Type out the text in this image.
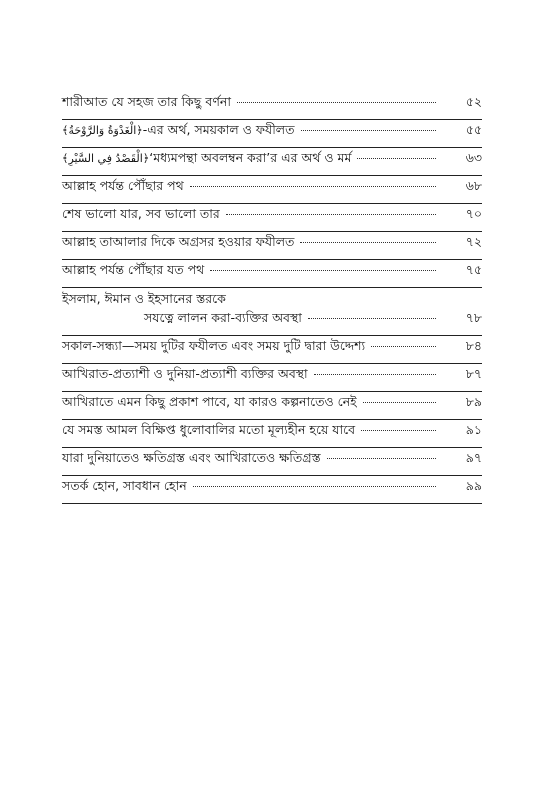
শারীআত যে সহজ তার কিছু বর্ণনা	৫২
﴿الْغَدْوَةُ وَالرَّوْحَةُ﴾ -এর অর্থ, সময়কাল ও ফযীলত	৫৫
﴿الْقَصْدُ فِي السَّيْرِ﴾ ‘মধ্যমপন্থা অবলম্বন করা’র এর অর্থ ও মর্ম	৬৩
আল্লাহ পর্যন্ত পৌঁছার পথ	৬৮
শেষ ভালো যার, সব ভালো তার	৭০
আল্লাহ তাআলার দিকে অগ্রসর হওয়ার ফযীলত	৭২
আল্লাহ পর্যন্ত পৌঁছার যত পথ	৭৫
ইসলাম, ঈমান ও ইহসানের স্তরকে
সযত্নে লালন করা-ব্যক্তির অবস্থা	৭৮
সকাল-সন্ধ্যা—সময় দুটির ফযীলত এবং সময় দুটি দ্বারা উদ্দেশ্য	৮৪
আখিরাত-প্রত্যাশী ও দুনিয়া-প্রত্যাশী ব্যক্তির অবস্থা	৮৭
আখিরাতে এমন কিছু প্রকাশ পাবে, যা কারও কল্পনাতেও নেই	৮৯
যে সমস্ত আমল বিক্ষিপ্ত ধুলোবালির মতো মূল্যহীন হয়ে যাবে	৯১
যারা দুনিয়াতেও ক্ষতিগ্রস্ত এবং আখিরাতেও ক্ষতিগ্রস্ত	৯৭
সতর্ক হোন, সাবধান হোন	৯৯
